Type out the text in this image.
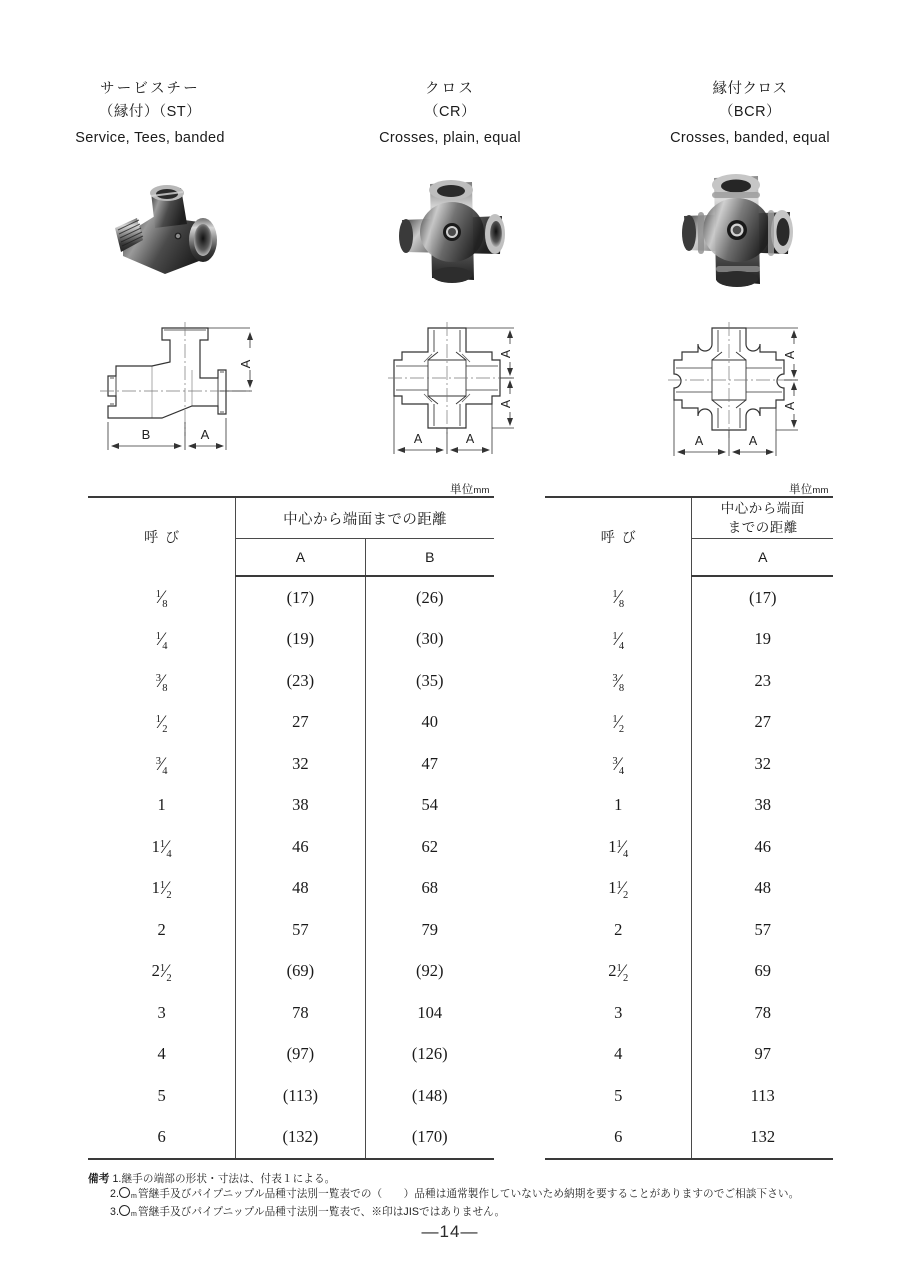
サービスチー
（縁付）（ST）
Service, Tees, banded
クロス
（CR）
Crosses, plain, equal
縁付クロス
（BCR）
Crosses, banded, equal
A
B	A
A
A
A	A
A
A
A	A
単位mm	単位mm
呼び	中心から端面までの距離	
	A	B
$^1⁄_8$	(17)	(26)
$^1⁄_4$	(19)	(30)
$^3⁄_8$	(23)	(35)
$^1⁄_2$	27	40
$^3⁄_4$	32	47
1	38	54
$1^1⁄_4$	46	62
$1^1⁄_2$	48	68
2	57	79
$2^1⁄_2$	(69)	(92)
3	78	104
4	(97)	(126)
5	(113)	(148)
6	(132)	(170)
呼び	中心から端面
までの距離

	A
$^1⁄_8$	(17)
$^1⁄_4$	19
$^3⁄_8$	23
$^1⁄_2$	27
$^3⁄_4$	32
1	38
$1^1⁄_4$	46
$1^1⁄_2$	48
2	57
$2^1⁄_2$	69
3	78
4	97
5	113
6	132
備考 1.継手の端部の形状・寸法は、付表１による。
2. m管継手及びパイプニップル品種寸法別一覧表での（　　）品種は通常製作していないため納期を要することがありますのでご相談下さい。
3. m管継手及びパイプニップル品種寸法別一覧表で、※印はJISではありません。
—14—
